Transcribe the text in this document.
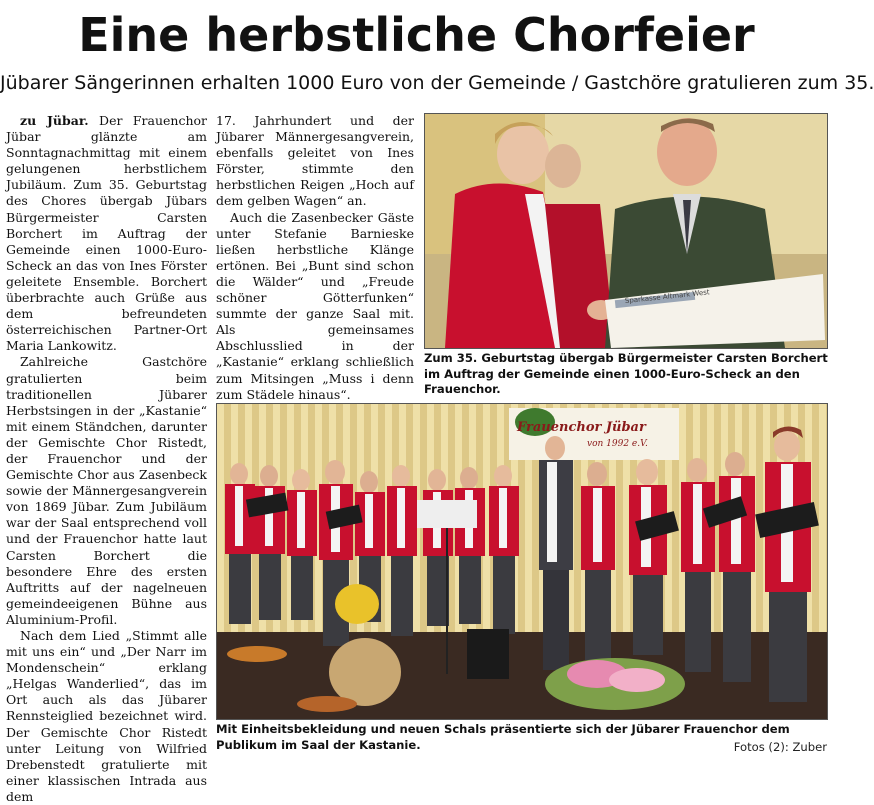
Eine herbstliche Chorfeier
Jübarer Sängerinnen erhalten 1000 Euro von der Gemeinde / Gastchöre gratulieren zum 35.

zu Jübar. Der Frauenchor Jübar glänzte am Sonntagnachmittag mit einem gelungenen herbstlichem Jubiläum. Zum 35. Geburtstag des Chores übergab Jübars Bürgermeister Carsten Borchert im Auftrag der Gemeinde einen 1000-Euro-Scheck an das von Ines Förster geleitete Ensemble. Borchert überbrachte auch Grüße aus dem befreundeten österreichischen Partner-Ort Maria Lankowitz.

Zahlreiche Gastchöre gratulierten beim traditionellen Jübarer Herbstsingen in der „Kastanie“ mit einem Ständchen, darunter der Gemischte Chor Ristedt, der Frauenchor und der Gemischte Chor aus Zasenbeck sowie der Männergesangverein von 1869 Jübar. Zum Jubiläum war der Saal entsprechend voll und der Frauenchor hatte laut Carsten Borchert die besondere Ehre des ersten Auftritts auf der nagelneuen gemeindeeigenen Bühne aus Aluminium-Profil.

Nach dem Lied „Stimmt alle mit uns ein“ und „Der Narr im Mondenschein“ erklang „Helgas Wanderlied“, das im Ort auch als das Jübarer Rennsteiglied bezeichnet wird. Der Gemischte Chor Ristedt unter Leitung von Wilfried Drebenstedt gratulierte mit einer klassischen Intrada aus dem

17. Jahrhundert und der Jübarer Männergesangverein, ebenfalls geleitet von Ines Förster, stimmte den herbstlichen Reigen „Hoch auf dem gelben Wagen“ an.

Auch die Zasenbecker Gäste unter Stefanie Barnieske ließen herbstliche Klänge ertönen. Bei „Bunt sind schon die Wälder“ und „Freude schöner Götterfunken“ summte der ganze Saal mit. Als gemeinsames Abschlusslied in der „Kastanie“ erklang schließlich zum Mitsingen „Muss i denn zum Städele hinaus“.

Sparkasse Altmark West
Zum 35. Geburtstag übergab Bürgermeister Carsten Borchert im Auftrag der Gemeinde einen 1000-Euro-Scheck an den Frauenchor.
Frauenchor Jübar
von 1992 e.V.
Mit Einheitsbekleidung und neuen Schals präsentierte sich der Jübarer Frauenchor dem Publikum im Saal der Kastanie.	Fotos (2): Zuber
